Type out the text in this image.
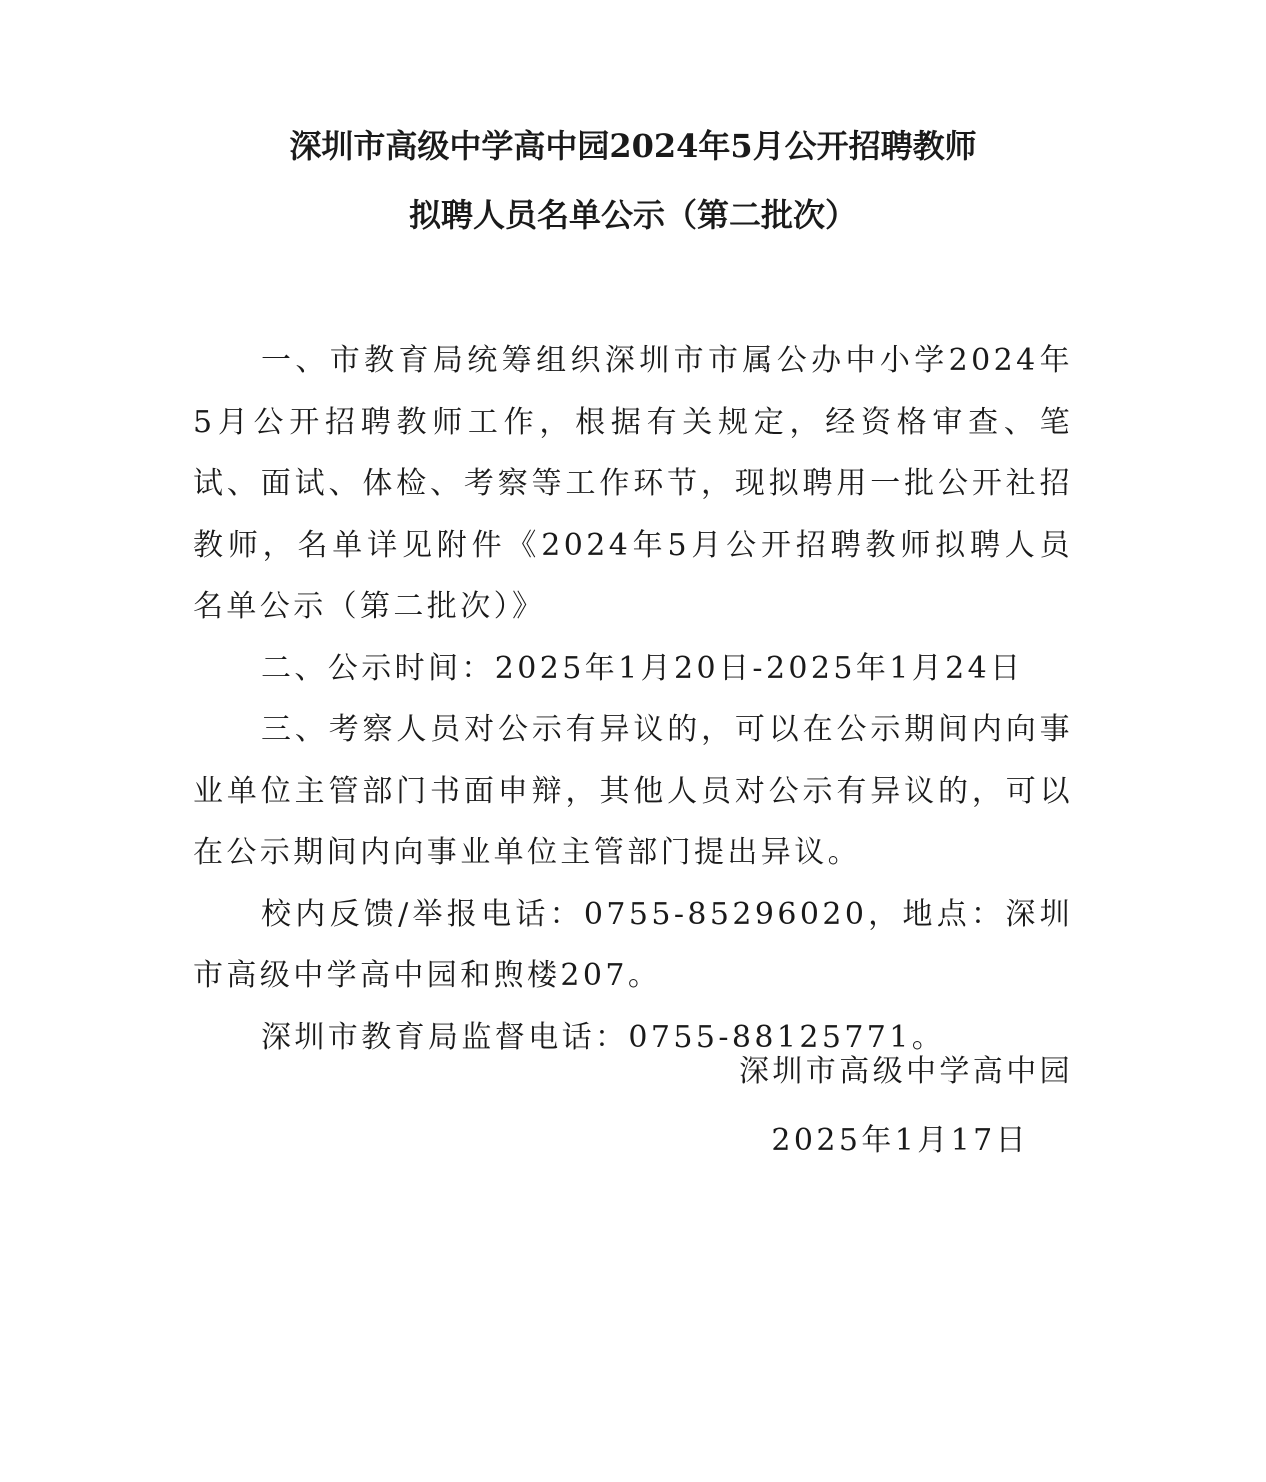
深圳市高级中学高中园2024年5月公开招聘教师
拟聘人员名单公示（第二批次）

一、市教育局统筹组织深圳市市属公办中小学2024年5月公开招聘教师工作，根据有关规定，经资格审查、笔试、面试、体检、考察等工作环节，现拟聘用一批公开社招教师，名单详见附件《2024年5月公开招聘教师拟聘人员名单公示（第二批次）》

二、公示时间：2025年1月20日-2025年1月24日

三、考察人员对公示有异议的，可以在公示期间内向事业单位主管部门书面申辩，其他人员对公示有异议的，可以在公示期间内向事业单位主管部门提出异议。

校内反馈/举报电话：0755-85296020，地点：深圳市高级中学高中园和煦楼207。

深圳市教育局监督电话：0755-88125771。

深圳市高级中学高中园
2025年1月17日
